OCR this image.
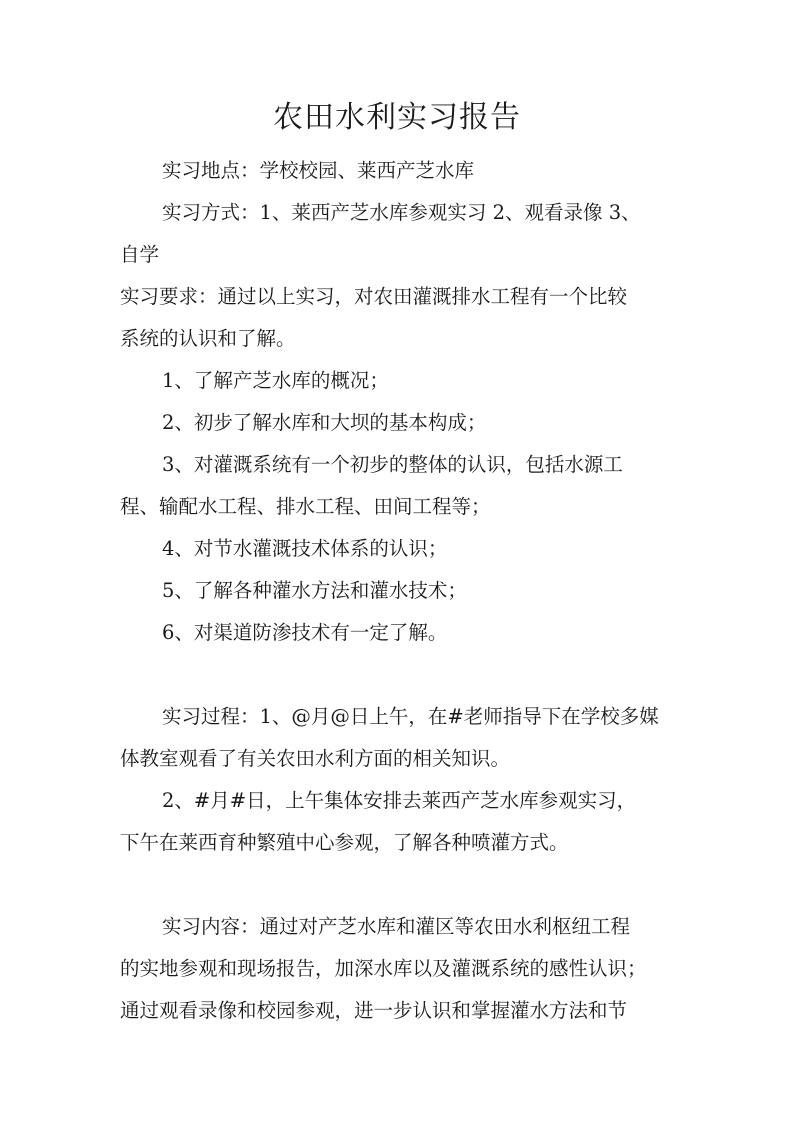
农田水利实习报告

实习地点：学校校园、莱西产芝水库

实习方式：1、莱西产芝水库参观实习 2、观看录像 3、

自学

实习要求：通过以上实习，对农田灌溉排水工程有一个比较

系统的认识和了解。

1、了解产芝水库的概况；

2、初步了解水库和大坝的基本构成；

3、对灌溉系统有一个初步的整体的认识，包括水源工

程、输配水工程、排水工程、田间工程等；

4、对节水灌溉技术体系的认识；

5、了解各种灌水方法和灌水技术；

6、对渠道防渗技术有一定了解。

实习过程：1、@月@日上午，在#老师指导下在学校多媒

体教室观看了有关农田水利方面的相关知识。

2、#月#日，上午集体安排去莱西产芝水库参观实习，

下午在莱西育种繁殖中心参观，了解各种喷灌方式。

实习内容：通过对产芝水库和灌区等农田水利枢纽工程

的实地参观和现场报告，加深水库以及灌溉系统的感性认识；

通过观看录像和校园参观，进一步认识和掌握灌水方法和节
